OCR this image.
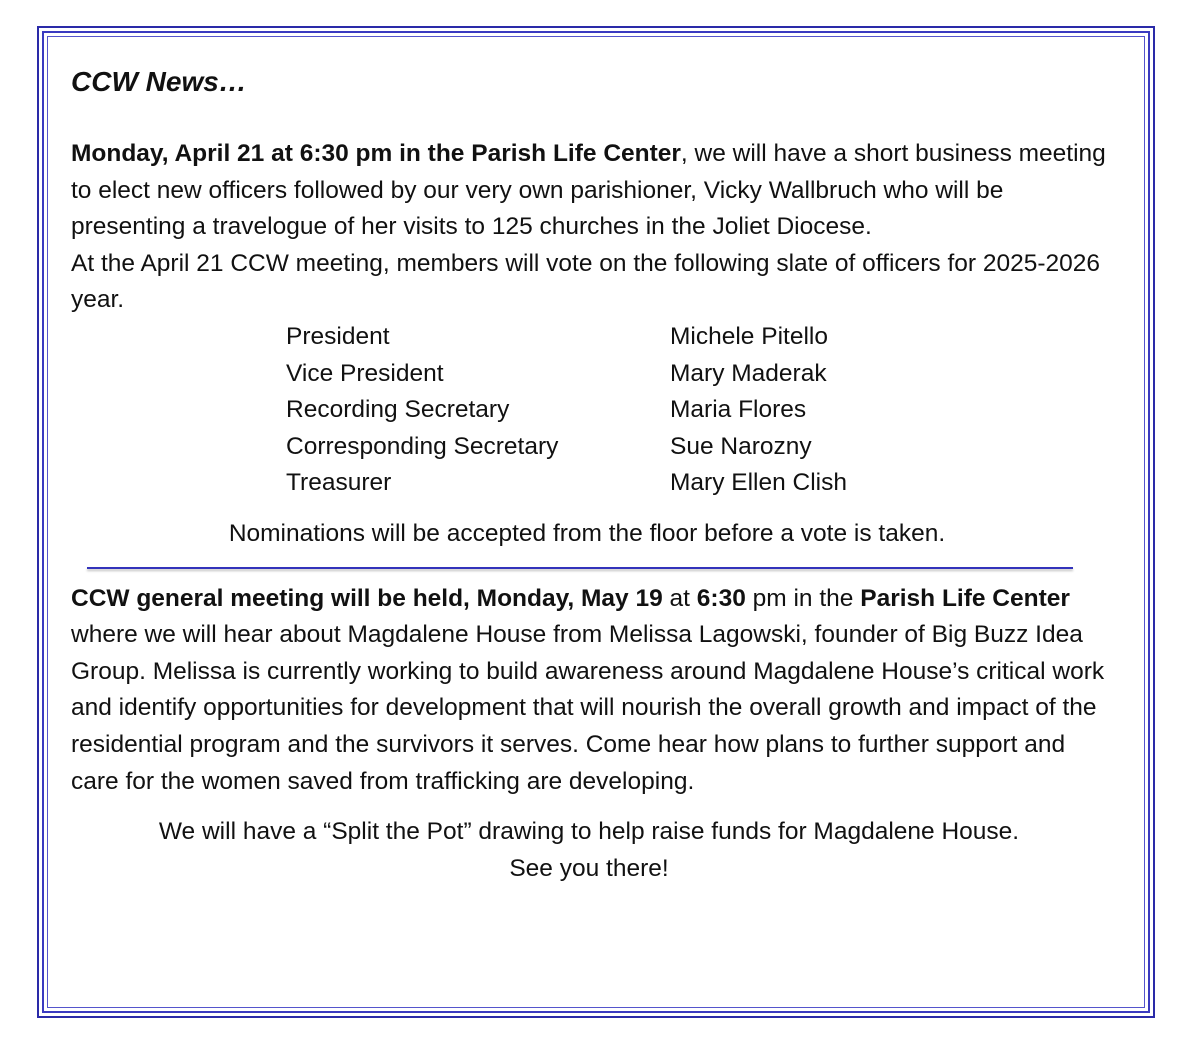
CCW News…

Monday, April 21 at 6:30 pm in the Parish Life Center, we will have a short business meeting to elect new officers followed by our very own parishioner, Vicky Wallbruch who will be presenting a travelogue of her visits to 125 churches in the Joliet Diocese.

At the April 21 CCW meeting, members will vote on the following slate of officers for 2025-2026 year.

President	Michele Pitello
Vice President	Mary Maderak
Recording Secretary	Maria Flores
Corresponding Secretary	Sue Narozny
Treasurer	Mary Ellen Clish

Nominations will be accepted from the floor before a vote is taken.

CCW general meeting will be held, Monday, May 19 at 6:30 pm in the Parish Life Center where we will hear about Magdalene House from Melissa Lagowski, founder of Big Buzz Idea Group. Melissa is currently working to build awareness around Magdalene House’s critical work and identify opportunities for development that will nourish the overall growth and impact of the residential program and the survivors it serves. Come hear how plans to further support and care for the women saved from trafficking are developing.

We will have a “Split the Pot” drawing to help raise funds for Magdalene House.

See you there!
